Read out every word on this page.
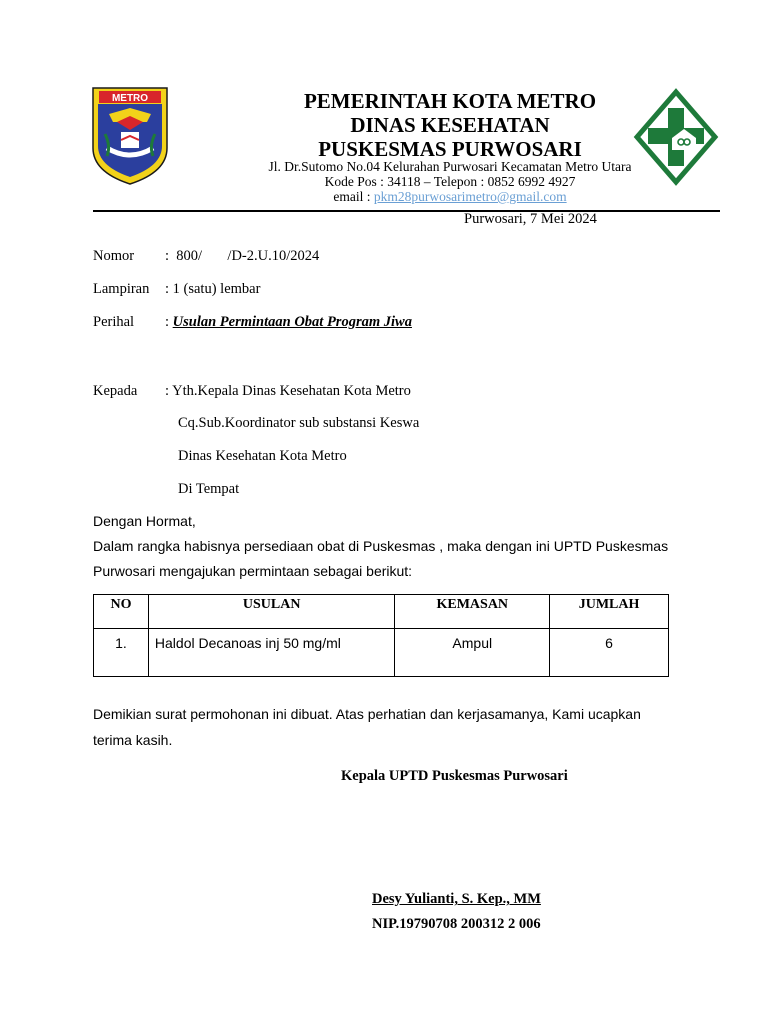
METRO	PEMERINTAH KOTA METRO
DINAS KESEHATAN
PUSKESMAS PURWOSARI
Jl. Dr.Sutomo No.04 Kelurahan Purwosari Kecamatan Metro Utara
Kode Pos : 34118 – Telepon : 0852 6992 4927
email : pkm28purwosarimetro@gmail.com
Purwosari, 7 Mei 2024
Nomor :  800/       /D-2.U.10/2024
Lampiran : 1 (satu) lembar
Perihal : Usulan Permintaan Obat Program Jiwa
Kepada : Yth.Kepala Dinas Kesehatan Kota Metro
Cq.Sub.Koordinator sub substansi Keswa
Dinas Kesehatan Kota Metro
Di Tempat
Dengan Hormat,
Dalam rangka habisnya persediaan obat di Puskesmas , maka dengan ini UPTD Puskesmas
Purwosari mengajukan permintaan sebagai berikut:
NO	USULAN	KEMASAN	JUMLAH
1.	Haldol Decanoas inj 50 mg/ml	Ampul	6
Demikian surat permohonan ini dibuat. Atas perhatian dan kerjasamanya, Kami ucapkan
terima kasih.
Kepala UPTD Puskesmas Purwosari
Desy Yulianti, S. Kep., MM
NIP.19790708 200312 2 006
